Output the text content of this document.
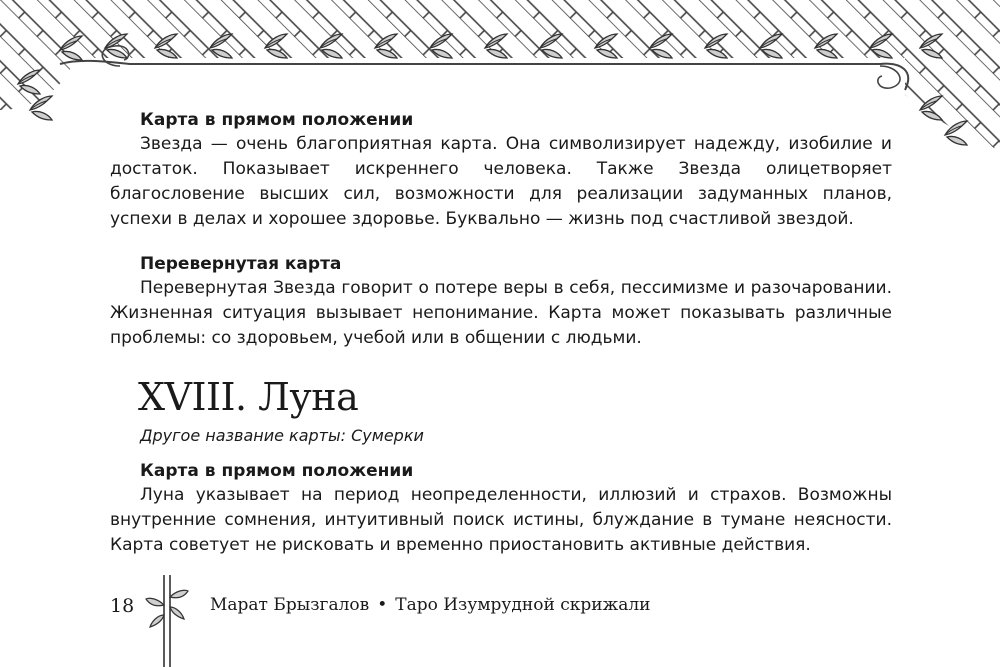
Карта в прямом положении

Звезда — очень благоприятная карта. Она символизирует надежду, изобилие и достаток. Показывает искреннего человека. Также Звезда олицетворяет благословение высших сил, возможности для реализации задуманных планов, успехи в делах и хорошее здоровье. Буквально — жизнь под счастливой звездой.

Перевернутая карта

Перевернутая Звезда говорит о потере веры в себя, пессимизме и разочаровании. Жизненная ситуация вызывает непонимание. Карта может показывать различные проблемы: со здоровьем, учебой или в общении с людьми.

XVIII. Луна

Другое название карты: Сумерки

Карта в прямом положении

Луна указывает на период неопределенности, иллюзий и страхов. Возможны внутренние сомнения, интуитивный поиск истины, блуждание в тумане неясности. Карта советует не рисковать и временно приостановить активные действия.

18	Марат Брызгалов • Таро Изумрудной скрижали
